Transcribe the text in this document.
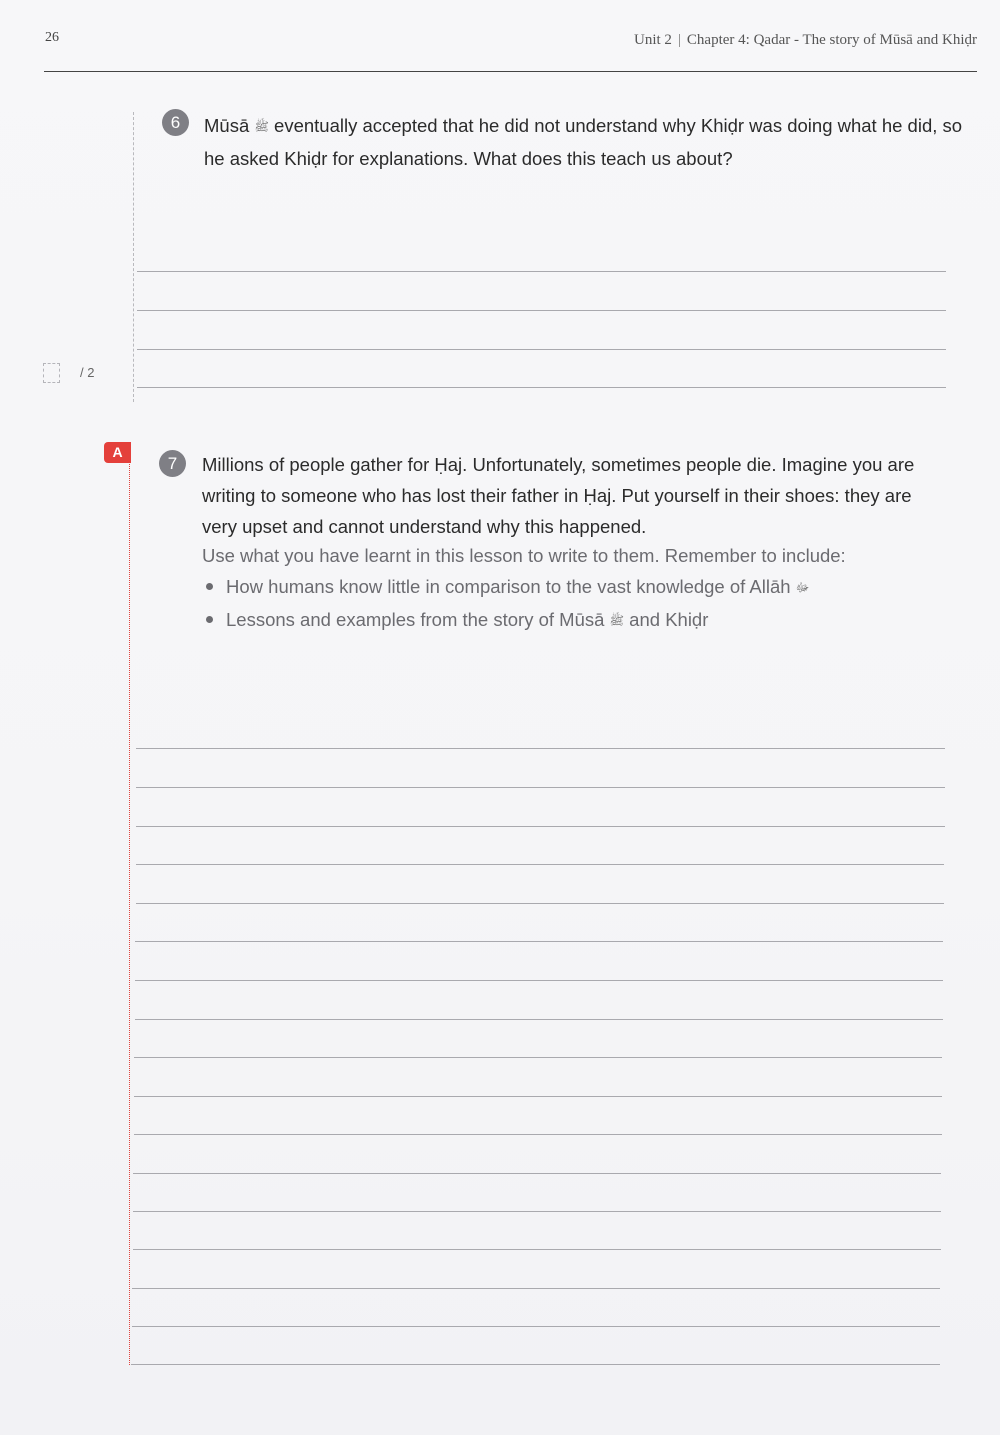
26	Unit 2 | Chapter 4: Qadar - The story of Mūsā and Khiḍr
6	Mūsā ﷺ eventually accepted that he did not understand why Khiḍr was doing what he did, so he asked Khiḍr for explanations. What does this teach us about?
/ 2
A
7	Millions of people gather for Ḥaj. Unfortunately, sometimes people die. Imagine you are writing to someone who has lost their father in Ḥaj. Put yourself in their shoes: they are very upset and cannot understand why this happened.
Use what you have learnt in this lesson to write to them. Remember to include:
How humans know little in comparison to the vast knowledge of Allāh ﷻ
Lessons and examples from the story of Mūsā ﷺ and Khiḍr
